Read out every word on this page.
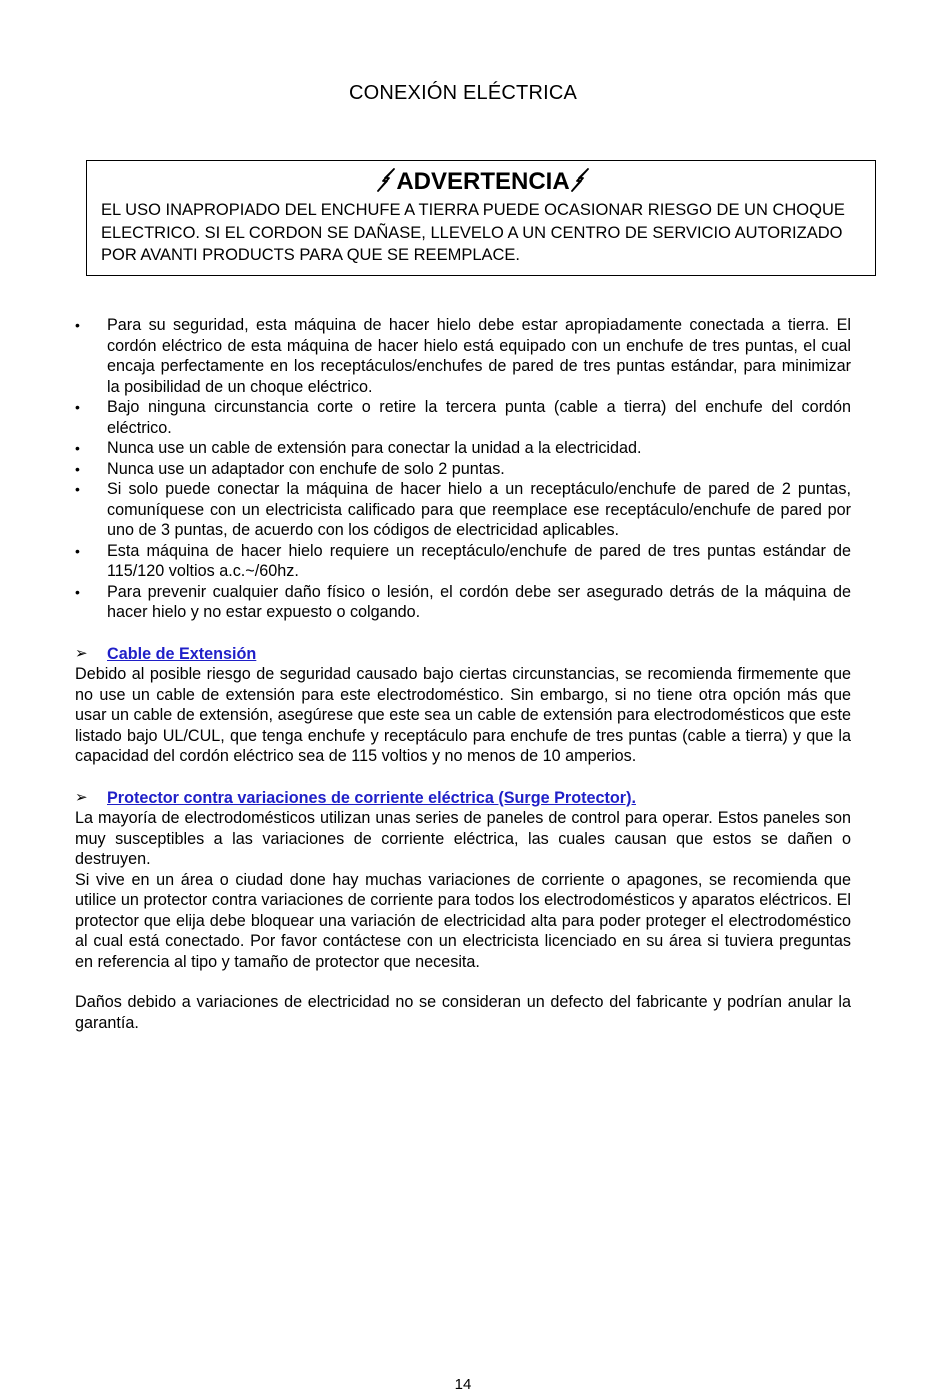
CONEXIÓN ELÉCTRICA
ADVERTENCIA
EL USO INAPROPIADO DEL ENCHUFE A TIERRA PUEDE OCASIONAR RIESGO DE UN CHOQUE ELECTRICO. SI EL CORDON SE DAÑASE, LLEVELO A UN CENTRO DE SERVICIO AUTORIZADO POR AVANTI PRODUCTS PARA QUE SE REEMPLACE.
•	Para su seguridad, esta máquina de hacer hielo debe estar apropiadamente conectada a tierra. El cordón eléctrico de esta máquina de hacer hielo está equipado con un enchufe de tres puntas, el cual encaja perfectamente en los receptáculos/enchufes de pared de tres puntas estándar, para minimizar la posibilidad de un choque eléctrico.
•	Bajo ninguna circunstancia corte o retire la tercera punta (cable a tierra) del enchufe del cordón eléctrico.
•	Nunca use un cable de extensión para conectar la unidad a la electricidad.
•	Nunca use un adaptador con enchufe de solo 2 puntas.
•	Si solo puede conectar la máquina de hacer hielo a un receptáculo/enchufe de pared de 2 puntas, comuníquese con un electricista calificado para que reemplace ese receptáculo/enchufe de pared por uno de 3 puntas, de acuerdo con los códigos de electricidad aplicables.
•	Esta máquina de hacer hielo requiere un receptáculo/enchufe de pared de tres puntas estándar de 115/120 voltios a.c.~/60hz.
•	Para prevenir cualquier daño físico o lesión, el cordón debe ser asegurado detrás de la máquina de hacer hielo y no estar expuesto o colgando.
➢ Cable de Extensión

Debido al posible riesgo de seguridad causado bajo ciertas circunstancias, se recomienda firmemente que no use un cable de extensión para este electrodoméstico. Sin embargo, si no tiene otra opción más que usar un cable de extensión, asegúrese que este sea un cable de extensión para electrodomésticos que este listado bajo UL/CUL, que tenga enchufe y receptáculo para enchufe de tres puntas (cable a tierra) y que la capacidad del cordón eléctrico sea de 115 voltios y no menos de 10 amperios.

➢ Protector contra variaciones de corriente eléctrica (Surge Protector).

La mayoría de electrodomésticos utilizan unas series de paneles de control para operar. Estos paneles son muy susceptibles a las variaciones de corriente eléctrica, las cuales causan que estos se dañen o destruyen.

Si vive en un área o ciudad done hay muchas variaciones de corriente o apagones, se recomienda que utilice un protector contra variaciones de corriente para todos los electrodomésticos y aparatos eléctricos. El protector que elija debe bloquear una variación de electricidad alta para poder proteger el electrodoméstico al cual está conectado. Por favor contáctese con un electricista licenciado en su área si tuviera preguntas en referencia al tipo y tamaño de protector que necesita.

Daños debido a variaciones de electricidad no se consideran un defecto del fabricante y podrían anular la garantía.

14
